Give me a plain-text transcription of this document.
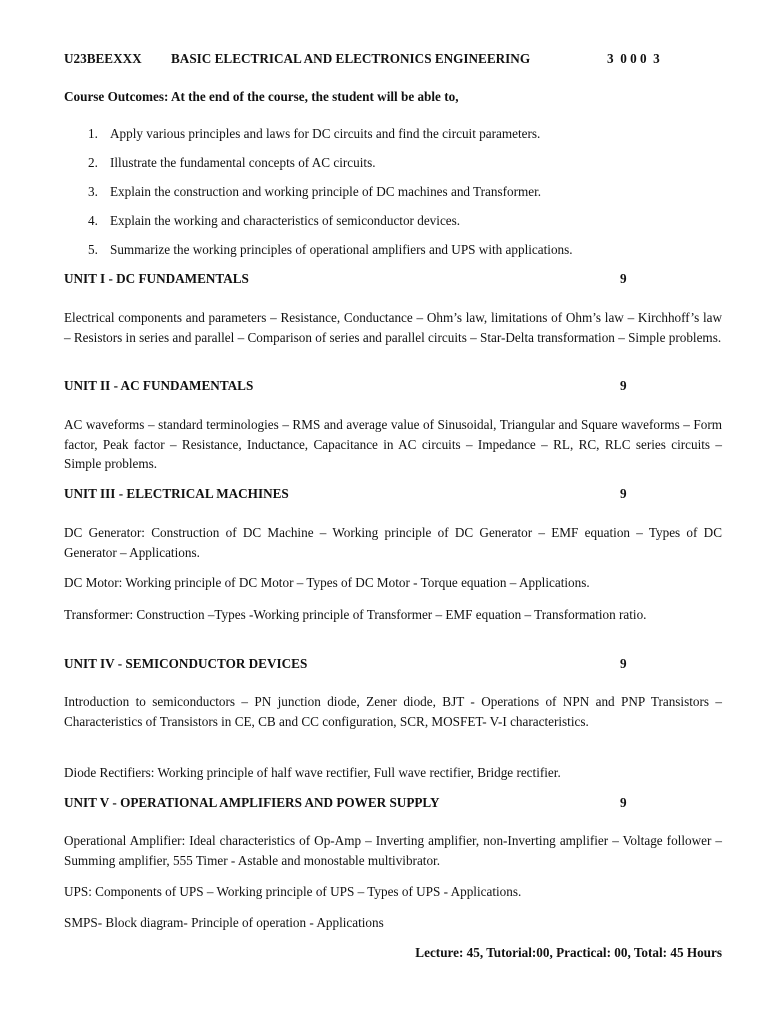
U23BEEXXX BASIC ELECTRICAL AND ELECTRONICS ENGINEERING	3  0 0 0  3
Course Outcomes: At the end of the course, the student will be able to,
1. Apply various principles and laws for DC circuits and find the circuit parameters.
2. Illustrate the fundamental concepts of AC circuits.
3. Explain the construction and working principle of DC machines and Transformer.
4. Explain the working and characteristics of semiconductor devices.
5. Summarize the working principles of operational amplifiers and UPS with applications.
UNIT I - DC FUNDAMENTALS	9
Electrical components and parameters – Resistance, Conductance – Ohm’s law, limitations of Ohm’s law – Kirchhoff’s law – Resistors in series and parallel – Comparison of series and parallel circuits – Star-Delta transformation – Simple problems.
UNIT II - AC FUNDAMENTALS	9
AC waveforms – standard terminologies – RMS and average value of Sinusoidal, Triangular and Square waveforms – Form factor, Peak factor – Resistance, Inductance, Capacitance in AC circuits – Impedance – RL, RC, RLC series circuits – Simple problems.
UNIT III - ELECTRICAL MACHINES	9
DC Generator: Construction of DC Machine – Working principle of DC Generator – EMF equation – Types of DC Generator – Applications.
DC Motor: Working principle of DC Motor – Types of DC Motor - Torque equation – Applications.
Transformer: Construction –Types -Working principle of Transformer – EMF equation – Transformation ratio.
UNIT IV - SEMICONDUCTOR DEVICES	9
Introduction to semiconductors – PN junction diode, Zener diode, BJT - Operations of NPN and PNP Transistors – Characteristics of Transistors in CE, CB and CC configuration, SCR, MOSFET- V-I characteristics.
Diode Rectifiers: Working principle of half wave rectifier, Full wave rectifier, Bridge rectifier.
UNIT V - OPERATIONAL AMPLIFIERS AND POWER SUPPLY	9
Operational Amplifier: Ideal characteristics of Op-Amp – Inverting amplifier, non-Inverting amplifier – Voltage follower – Summing amplifier, 555 Timer - Astable and monostable multivibrator.
UPS: Components of UPS – Working principle of UPS – Types of UPS - Applications.
SMPS- Block diagram- Principle of operation - Applications
Lecture: 45, Tutorial:00, Practical: 00, Total: 45 Hours
